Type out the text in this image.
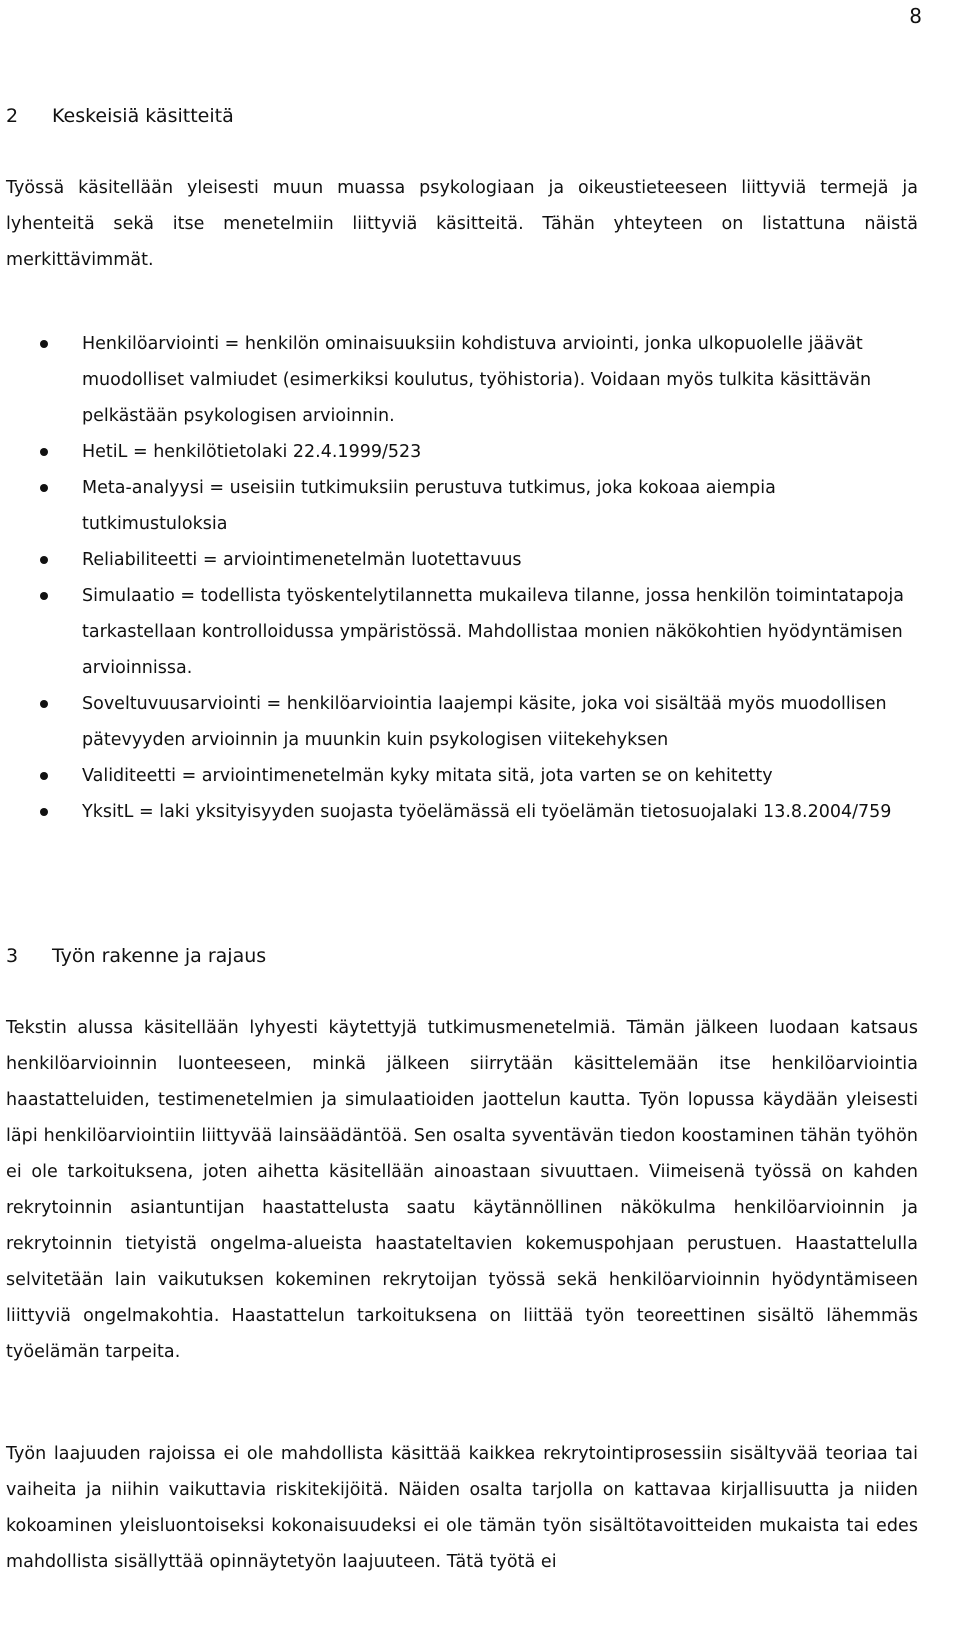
8
2 Keskeisiä käsitteitä

Työssä käsitellään yleisesti muun muassa psykologiaan ja oikeustieteeseen liittyviä termejä ja lyhenteitä sekä itse menetelmiin liittyviä käsitteitä. Tähän yhteyteen on listattuna näistä merkittävimmät.

Henkilöarviointi = henkilön ominaisuuksiin kohdistuva arviointi, jonka ulkopuolelle jäävät muodolliset valmiudet (esimerkiksi koulutus, työhistoria). Voidaan myös tulkita käsittävän pelkästään psykologisen arvioinnin.
HetiL = henkilötietolaki 22.4.1999/523
Meta-analyysi = useisiin tutkimuksiin perustuva tutkimus, joka kokoaa aiempia tutkimustuloksia
Reliabiliteetti = arviointimenetelmän luotettavuus
Simulaatio = todellista työskentelytilannetta mukaileva tilanne, jossa henkilön toimintatapoja tarkastellaan kontrolloidussa ympäristössä. Mahdollistaa monien näkökohtien hyödyntämisen arvioinnissa.
Soveltuvuusarviointi = henkilöarviointia laajempi käsite, joka voi sisältää myös muodollisen pätevyyden arvioinnin ja muunkin kuin psykologisen viitekehyksen
Validiteetti = arviointimenetelmän kyky mitata sitä, jota varten se on kehitetty
YksitL = laki yksityisyyden suojasta työelämässä eli työelämän tietosuojalaki 13.8.2004/759
3 Työn rakenne ja rajaus

Tekstin alussa käsitellään lyhyesti käytettyjä tutkimusmenetelmiä. Tämän jälkeen luodaan katsaus henkilöarvioinnin luonteeseen, minkä jälkeen siirrytään käsittelemään itse henkilöarviointia haastatteluiden, testimenetelmien ja simulaatioiden jaottelun kautta. Työn lopussa käydään yleisesti läpi henkilöarviointiin liittyvää lainsäädäntöä. Sen osalta syventävän tiedon koostaminen tähän työhön ei ole tarkoituksena, joten aihetta käsitellään ainoastaan sivuuttaen. Viimeisenä työssä on kahden rekrytoinnin asiantuntijan haastattelusta saatu käytännöllinen näkökulma henkilöarvioinnin ja rekrytoinnin tietyistä ongelma-alueista haastateltavien kokemuspohjaan perustuen. Haastattelulla selvitetään lain vaikutuksen kokeminen rekrytoijan työssä sekä henkilöarvioinnin hyödyntämiseen liittyviä ongelmakohtia. Haastattelun tarkoituksena on liittää työn teoreettinen sisältö lähemmäs työelämän tarpeita.

Työn laajuuden rajoissa ei ole mahdollista käsittää kaikkea rekrytointiprosessiin sisältyvää teoriaa tai vaiheita ja niihin vaikuttavia riskitekijöitä. Näiden osalta tarjolla on kattavaa kirjallisuutta ja niiden kokoaminen yleisluontoiseksi kokonaisuudeksi ei ole tämän työn sisältötavoitteiden mukaista tai edes mahdollista sisällyttää opinnäytetyön laajuuteen. Tätä työtä ei
